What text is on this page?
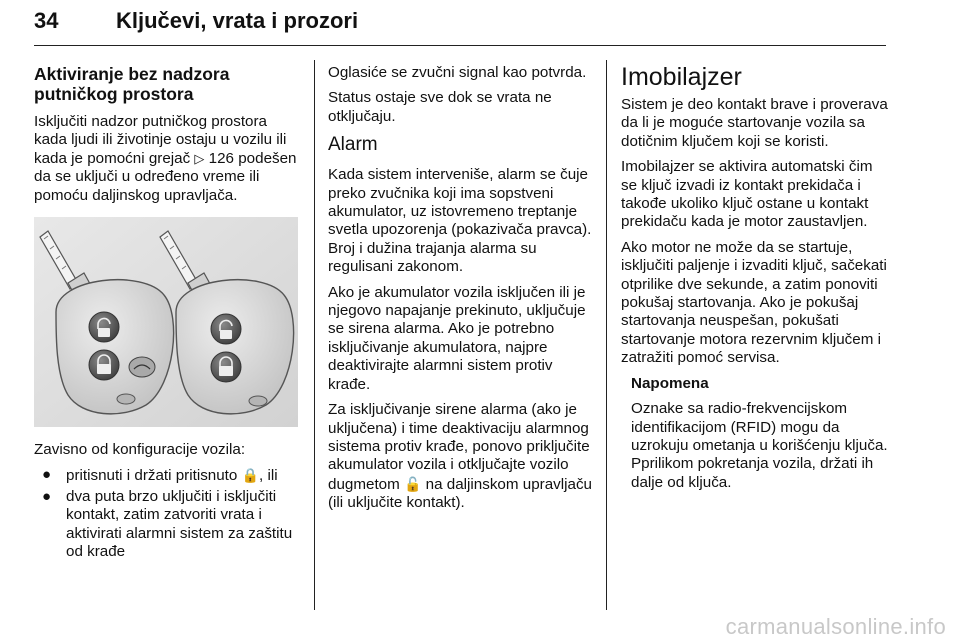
34	Ključevi, vrata i prozori
Aktiviranje bez nadzora putničkog prostora

Isključiti nadzor putničkog prostora kada ljudi ili životinje ostaju u vozilu ili kada je pomoćni grejač ▷ 126 podešen da se uključi u određeno vreme ili pomoću daljinskog upravljača.

Zavisno od konfiguracije vozila:

● pritisnuti i držati pritisnuto 🔒, ili
● dva puta brzo uključiti i isključiti kontakt, zatim zatvoriti vrata i aktivirati alarmni sistem za zaštitu od krađe

Oglasiće se zvučni signal kao potvrda.

Status ostaje sve dok se vrata ne otključaju.

Alarm

Kada sistem interveniše, alarm se čuje preko zvučnika koji ima sopstveni akumulator, uz istovremeno treptanje svetla upozorenja (pokazivača pravca). Broj i dužina trajanja alarma su regulisani zakonom.

Ako je akumulator vozila isključen ili je njegovo napajanje prekinuto, uključuje se sirena alarma. Ako je potrebno isključivanje akumulatora, najpre deaktivirajte alarmni sistem protiv krađe.

Za isključivanje sirene alarma (ako je uključena) i time deaktivaciju alarmnog sistema protiv krađe, ponovo priključite akumulator vozila i otključajte vozilo dugmetom 🔓 na daljinskom upravljaču (ili uključite kontakt).

Imobilajzer

Sistem je deo kontakt brave i proverava da li je moguće startovanje vozila sa dotičnim ključem koji se koristi.

Imobilajzer se aktivira automatski čim se ključ izvadi iz kontakt prekidača i takođe ukoliko ključ ostane u kontakt prekidaču kada je motor zaustavljen.

Ako motor ne može da se startuje, isključiti paljenje i izvaditi ključ, sačekati otprilike dve sekunde, a zatim ponoviti pokušaj startovanja. Ako je pokušaj startovanja neuspešan, pokušati startovanje motora rezervnim ključem i zatražiti pomoć servisa.

Napomena

Oznake sa radio-frekvencijskom identifikacijom (RFID) mogu da uzrokuju ometanja u korišćenju ključa. Pprilikom pokretanja vozila, držati ih dalje od ključa.

carmanualsonline.info
